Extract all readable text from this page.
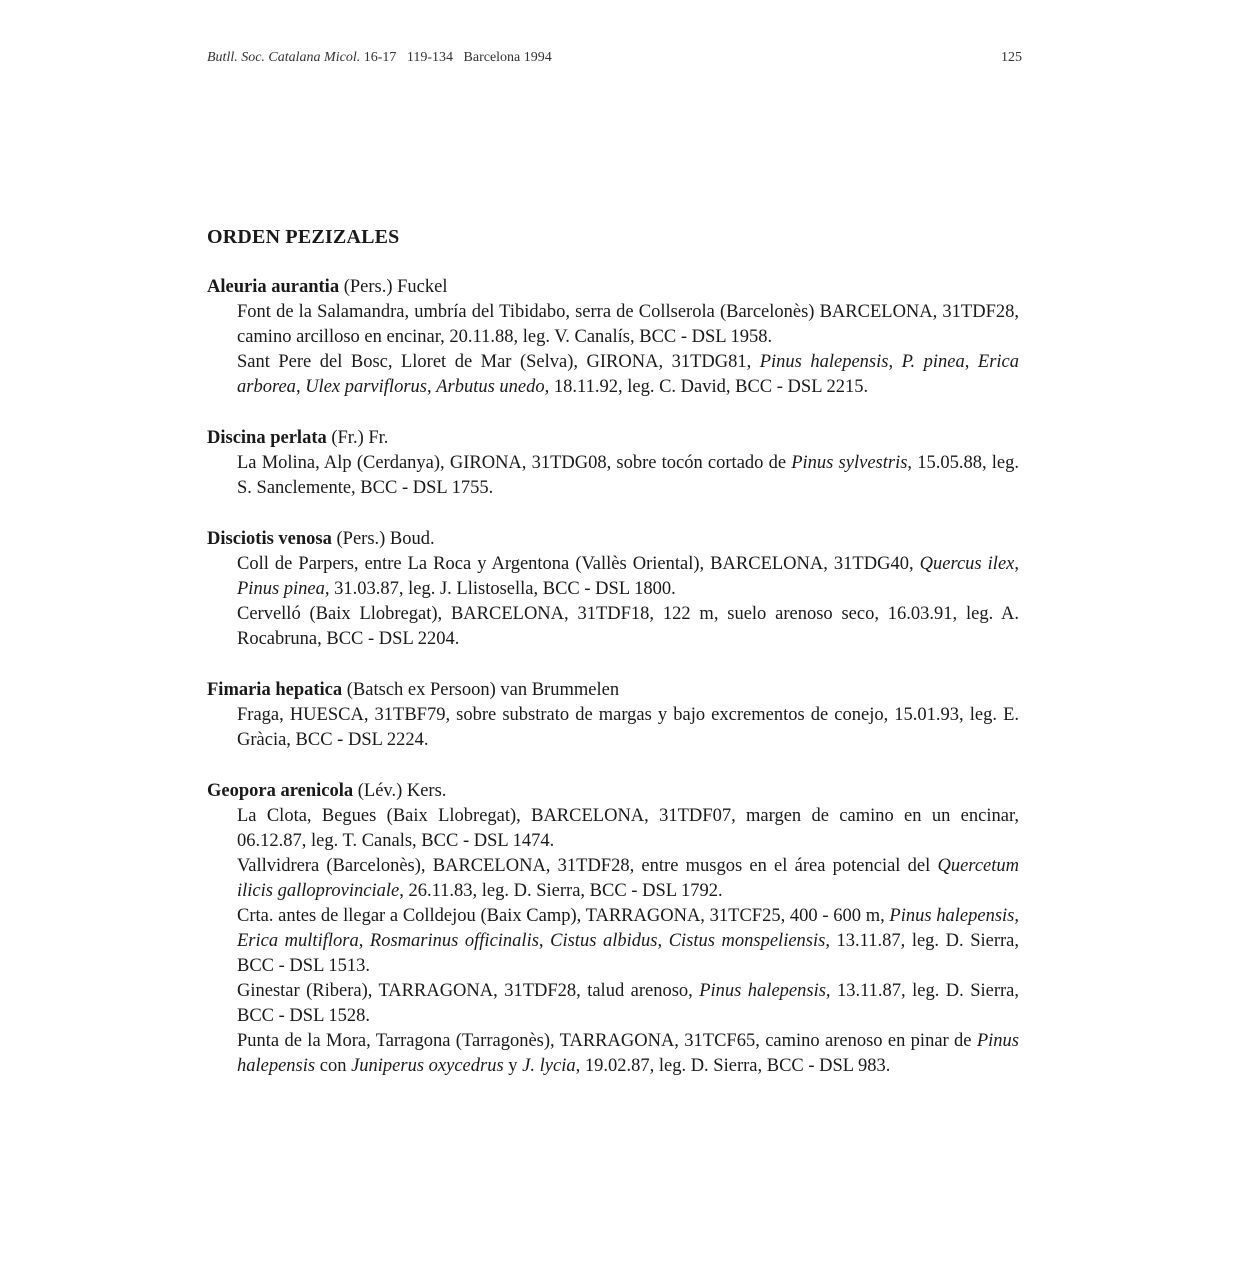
Butll. Soc. Catalana Micol. 16-17   119-134   Barcelona 1994	125
ORDEN PEZIZALES
Aleuria aurantia (Pers.) Fuckel
Font de la Salamandra, umbría del Tibidabo, serra de Collserola (Barcelonès) BARCELONA, 31TDF28, camino arcilloso en encinar, 20.11.88, leg. V. Canalís, BCC - DSL 1958.
Sant Pere del Bosc, Lloret de Mar (Selva), GIRONA, 31TDG81, Pinus halepensis, P. pinea, Erica arborea, Ulex parviflorus, Arbutus unedo, 18.11.92, leg. C. David, BCC - DSL 2215.
Discina perlata (Fr.) Fr.
La Molina, Alp (Cerdanya), GIRONA, 31TDG08, sobre tocón cortado de Pinus sylvestris, 15.05.88, leg. S. Sanclemente, BCC - DSL 1755.
Disciotis venosa (Pers.) Boud.
Coll de Parpers, entre La Roca y Argentona (Vallès Oriental), BARCELONA, 31TDG40, Quercus ilex, Pinus pinea, 31.03.87, leg. J. Llistosella, BCC - DSL 1800.
Cervelló (Baix Llobregat), BARCELONA, 31TDF18, 122 m, suelo arenoso seco, 16.03.91, leg. A. Rocabruna, BCC - DSL 2204.
Fimaria hepatica (Batsch ex Persoon) van Brummelen
Fraga, HUESCA, 31TBF79, sobre substrato de margas y bajo excrementos de conejo, 15.01.93, leg. E. Gràcia, BCC - DSL 2224.
Geopora arenicola (Lév.) Kers.
La Clota, Begues (Baix Llobregat), BARCELONA, 31TDF07, margen de camino en un encinar, 06.12.87, leg. T. Canals, BCC - DSL 1474.
Vallvidrera (Barcelonès), BARCELONA, 31TDF28, entre musgos en el área potencial del Quercetum ilicis galloprovinciale, 26.11.83, leg. D. Sierra, BCC - DSL 1792.
Crta. antes de llegar a Colldejou (Baix Camp), TARRAGONA, 31TCF25, 400 - 600 m, Pinus halepensis, Erica multiflora, Rosmarinus officinalis, Cistus albidus, Cistus monspeliensis, 13.11.87, leg. D. Sierra, BCC - DSL 1513.
Ginestar (Ribera), TARRAGONA, 31TDF28, talud arenoso, Pinus halepensis, 13.11.87, leg. D. Sierra, BCC - DSL 1528.
Punta de la Mora, Tarragona (Tarragonès), TARRAGONA, 31TCF65, camino arenoso en pinar de Pinus halepensis con Juniperus oxycedrus y J. lycia, 19.02.87, leg. D. Sierra, BCC - DSL 983.
